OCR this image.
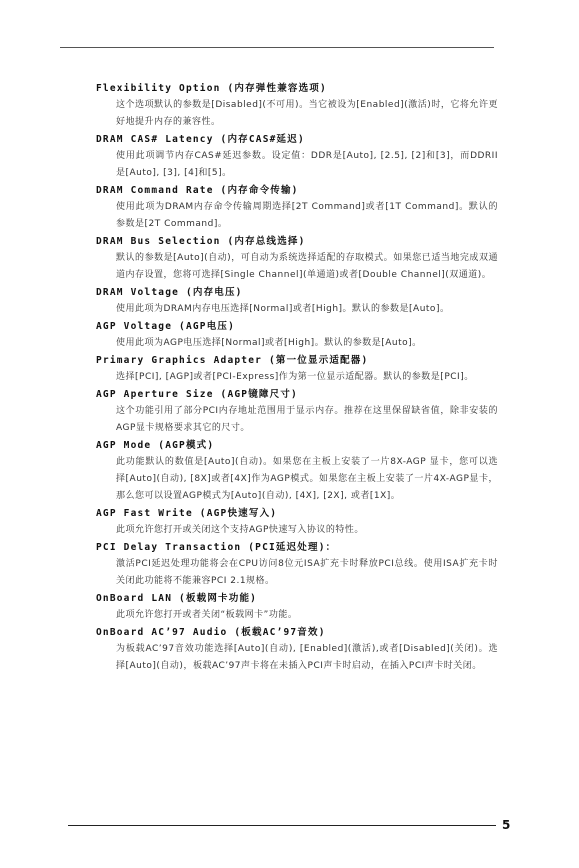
Flexibility Option (内存弹性兼容选项)
这个选项默认的参数是[Disabled](不可用)。当它被设为[Enabled](激活)时，它将允许更好地提升内存的兼容性。
DRAM CAS# Latency (内存CAS#延迟)
使用此项调节内存CAS#延迟参数。设定值：DDR是[Auto], [2.5], [2]和[3]，而DDRII是[Auto], [3], [4]和[5]。
DRAM Command Rate (内存命令传输)
使用此项为DRAM内存命令传输周期选择[2T Command]或者[1T Command]。默认的参数是[2T Command]。
DRAM Bus Selection (内存总线选择)
默认的参数是[Auto](自动)，可自动为系统选择适配的存取模式。如果您已适当地完成双通道内存设置，您将可选择[Single Channel](单通道)或者[Double Channel](双通道)。
DRAM Voltage (内存电压)
使用此项为DRAM内存电压选择[Normal]或者[High]。默认的参数是[Auto]。
AGP Voltage (AGP电压)
使用此项为AGP电压选择[Normal]或者[High]。默认的参数是[Auto]。
Primary Graphics Adapter (第一位显示适配器)
选择[PCI], [AGP]或者[PCI-Express]作为第一位显示适配器。默认的参数是[PCI]。
AGP Aperture Size (AGP镜障尺寸)
这个功能引用了部分PCI内存地址范围用于显示内存。推荐在这里保留缺省值，除非安装的AGP显卡规格要求其它的尺寸。
AGP Mode (AGP模式)
此功能默认的数值是[Auto](自动)。如果您在主板上安装了一片8X-AGP 显卡，您可以选择[Auto](自动), [8X]或者[4X]作为AGP模式。如果您在主板上安装了一片4X-AGP显卡，那么您可以设置AGP模式为[Auto](自动), [4X], [2X], 或者[1X]。
AGP Fast Write (AGP快速写入)
此项允许您打开或关闭这个支持AGP快速写入协议的特性。
PCI Delay Transaction (PCI延迟处理)：
激活PCI延迟处理功能将会在CPU访问8位元ISA扩充卡时释放PCI总线。使用ISA扩充卡时关闭此功能将不能兼容PCI 2.1规格。
OnBoard LAN (板载网卡功能)
此项允许您打开或者关闭“板载网卡”功能。
OnBoard AC’97 Audio (板载AC’97音效)
为板载AC’97音效功能选择[Auto](自动), [Enabled](激活),或者[Disabled](关闭)。选择[Auto](自动)，板载AC’97声卡将在未插入PCI声卡时启动，在插入PCI声卡时关闭。
5
